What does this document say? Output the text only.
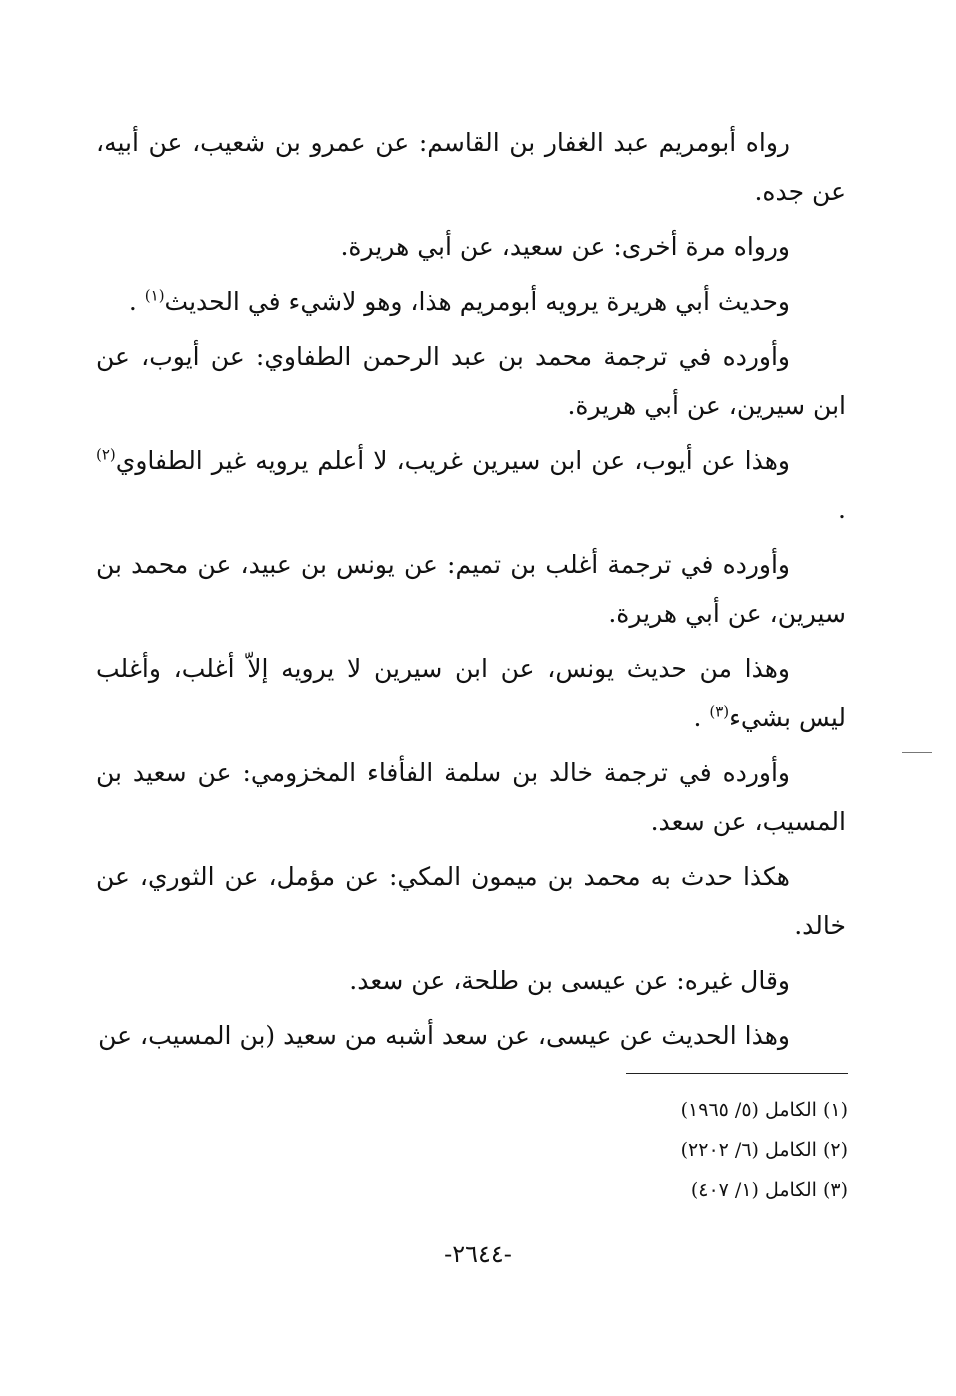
رواه أبومريم عبد الغفار بن القاسم: عن عمرو بن شعيب، عن أبيه، عن جده.

ورواه مرة أخرى: عن سعيد، عن أبي هريرة.

وحديث أبي هريرة يرويه أبومريم هذا، وهو لاشيء في الحديث$^{(١)}$ .

وأورده في ترجمة محمد بن عبد الرحمن الطفاوي: عن أيوب، عن ابن سيرين، عن أبي هريرة.

وهذا عن أيوب، عن ابن سيرين غريب، لا أعلم يرويه غير الطفاوي$^{(٢)}$ .

وأورده في ترجمة أغلب بن تميم: عن يونس بن عبيد، عن محمد بن سيرين، عن أبي هريرة.

وهذا من حديث يونس، عن ابن سيرين لا يرويه إلاّ أغلب، وأغلب ليس بشيء$^{(٣)}$ .

وأورده في ترجمة خالد بن سلمة الفأفاء المخزومي: عن سعيد بن المسيب، عن سعد.

هكذا حدث به محمد بن ميمون المكي: عن مؤمل، عن الثوري، عن خالد.

وقال غيره: عن عيسى بن طلحة، عن سعد.

وهذا الحديث عن عيسى، عن سعد أشبه من سعيد (بن المسيب، عن

(١) الكامل (٥/ ١٩٦٥)

(٢) الكامل (٦/ ٢٢٠٢)

(٣) الكامل (١/ ٤٠٧)

-٢٦٤٤-
